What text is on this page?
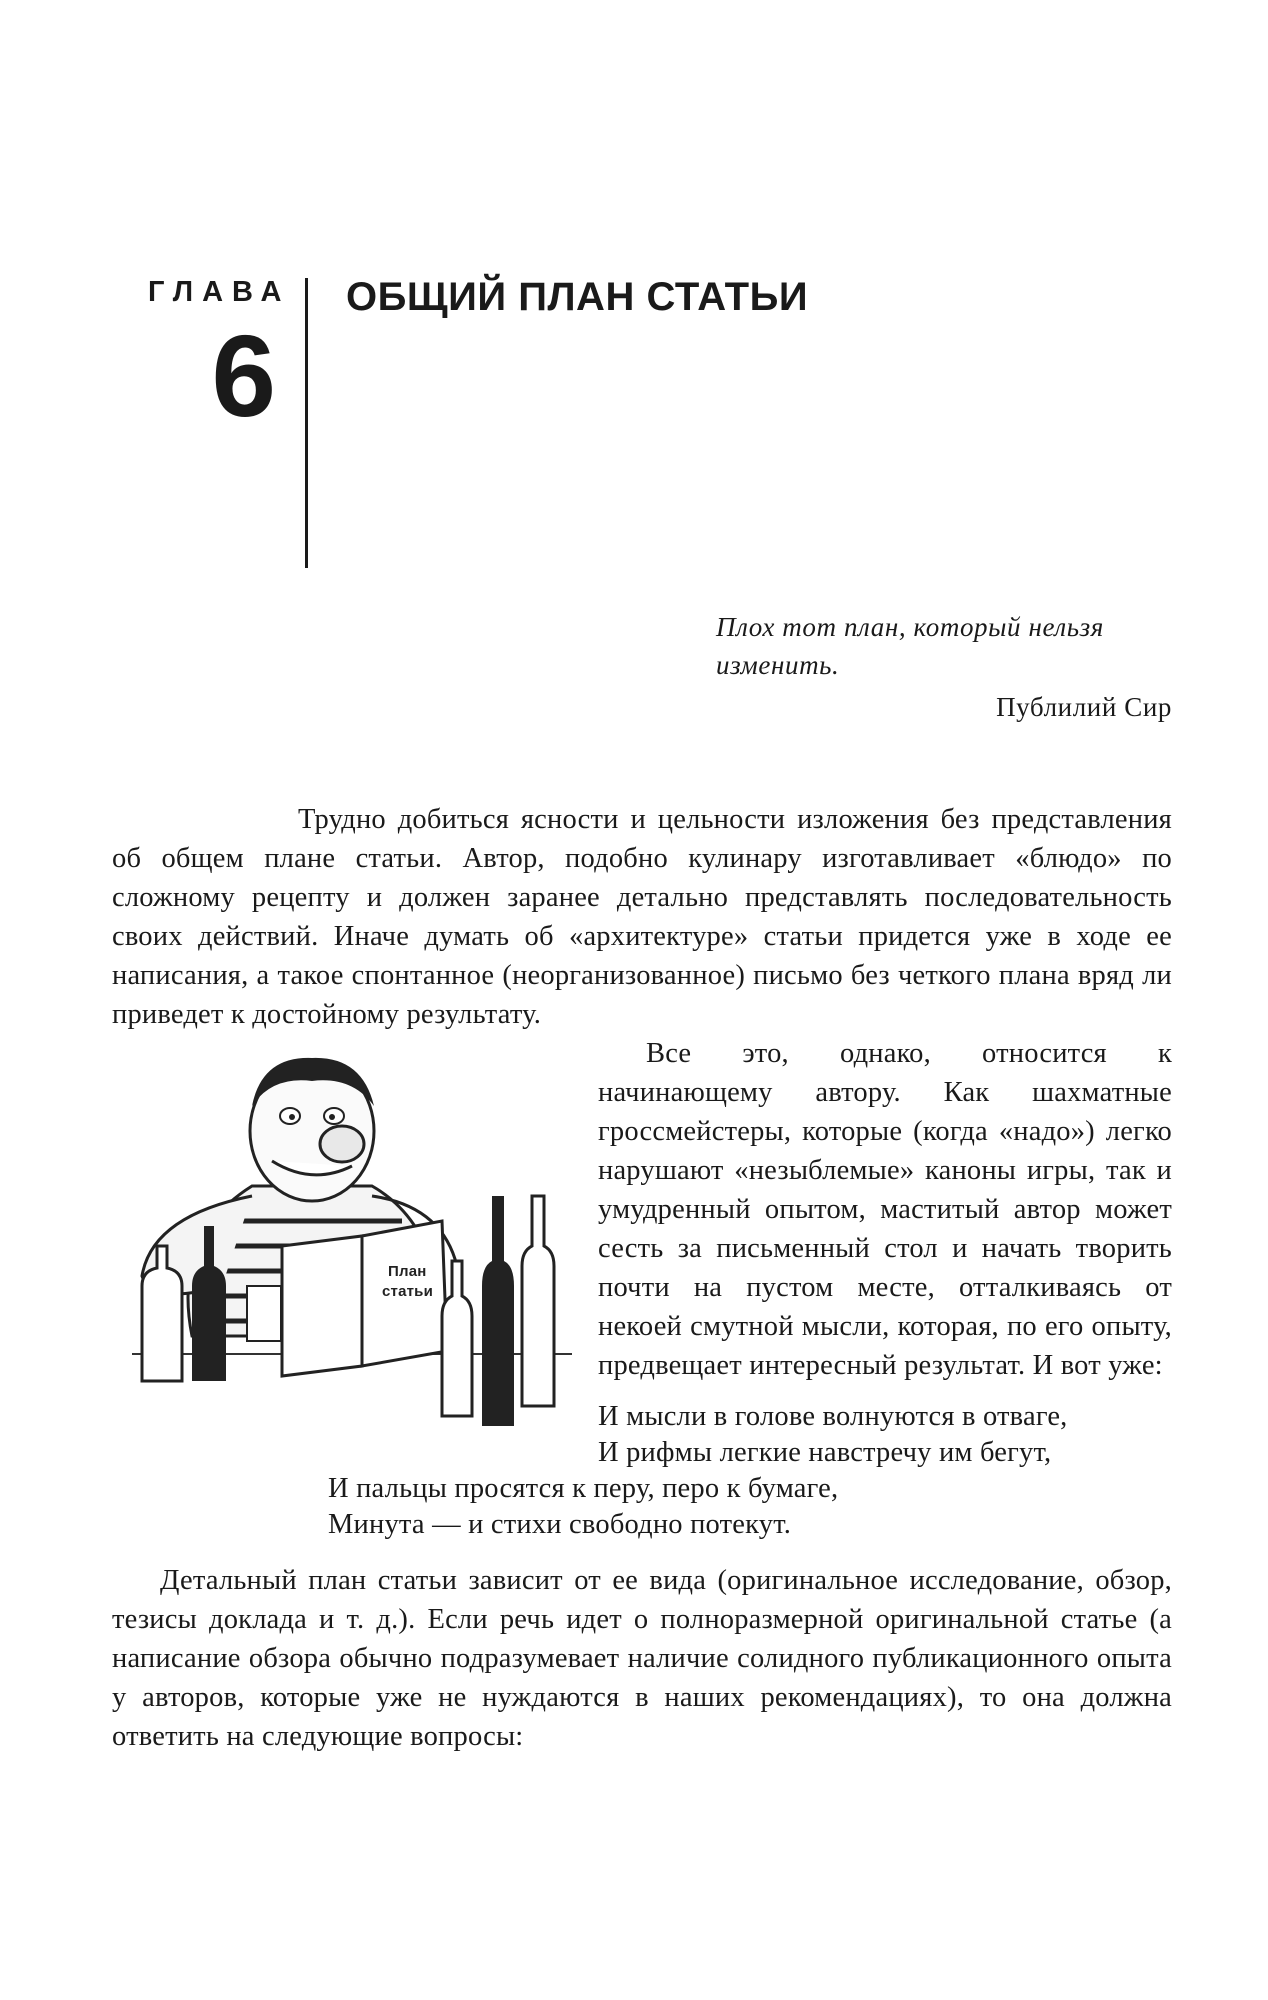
ГЛАВА
6
ОБЩИЙ ПЛАН СТАТЬИ
Плох тот план, который нельзя изменить.
Публилий Сир

Трудно добиться ясности и цельности изложения без представления об общем плане статьи. Автор, подобно кулинару изготавливает «блюдо» по сложному рецепту и должен заранее детально представлять последовательность своих действий. Иначе думать об «архитектуре» статьи придется уже в ходе ее написания, а такое спонтанное (неорганизованное) письмо без четкого плана вряд ли приведет к достойному результату.

План
статьи

Все это, однако, относится к начинающему автору. Как шахматные гроссмейстеры, которые (когда «надо») легко нарушают «незыблемые» каноны игры, так и умудренный опытом, маститый автор может сесть за письменный стол и начать творить почти на пустом месте, отталкиваясь от некоей смутной мысли, которая, по его опыту, предвещает интересный результат. И вот уже:

И мысли в голове волнуются в отваге,
И рифмы легкие навстречу им бегут,
И пальцы просятся к перу, перо к бумаге,
Минута — и стихи свободно потекут.

Детальный план статьи зависит от ее вида (оригинальное исследование, обзор, тезисы доклада и т. д.). Если речь идет о полноразмерной оригинальной статье (а написание обзора обычно подразумевает наличие солидного публикационного опыта у авторов, которые уже не нуждаются в наших рекомендациях), то она должна ответить на следующие вопросы:
